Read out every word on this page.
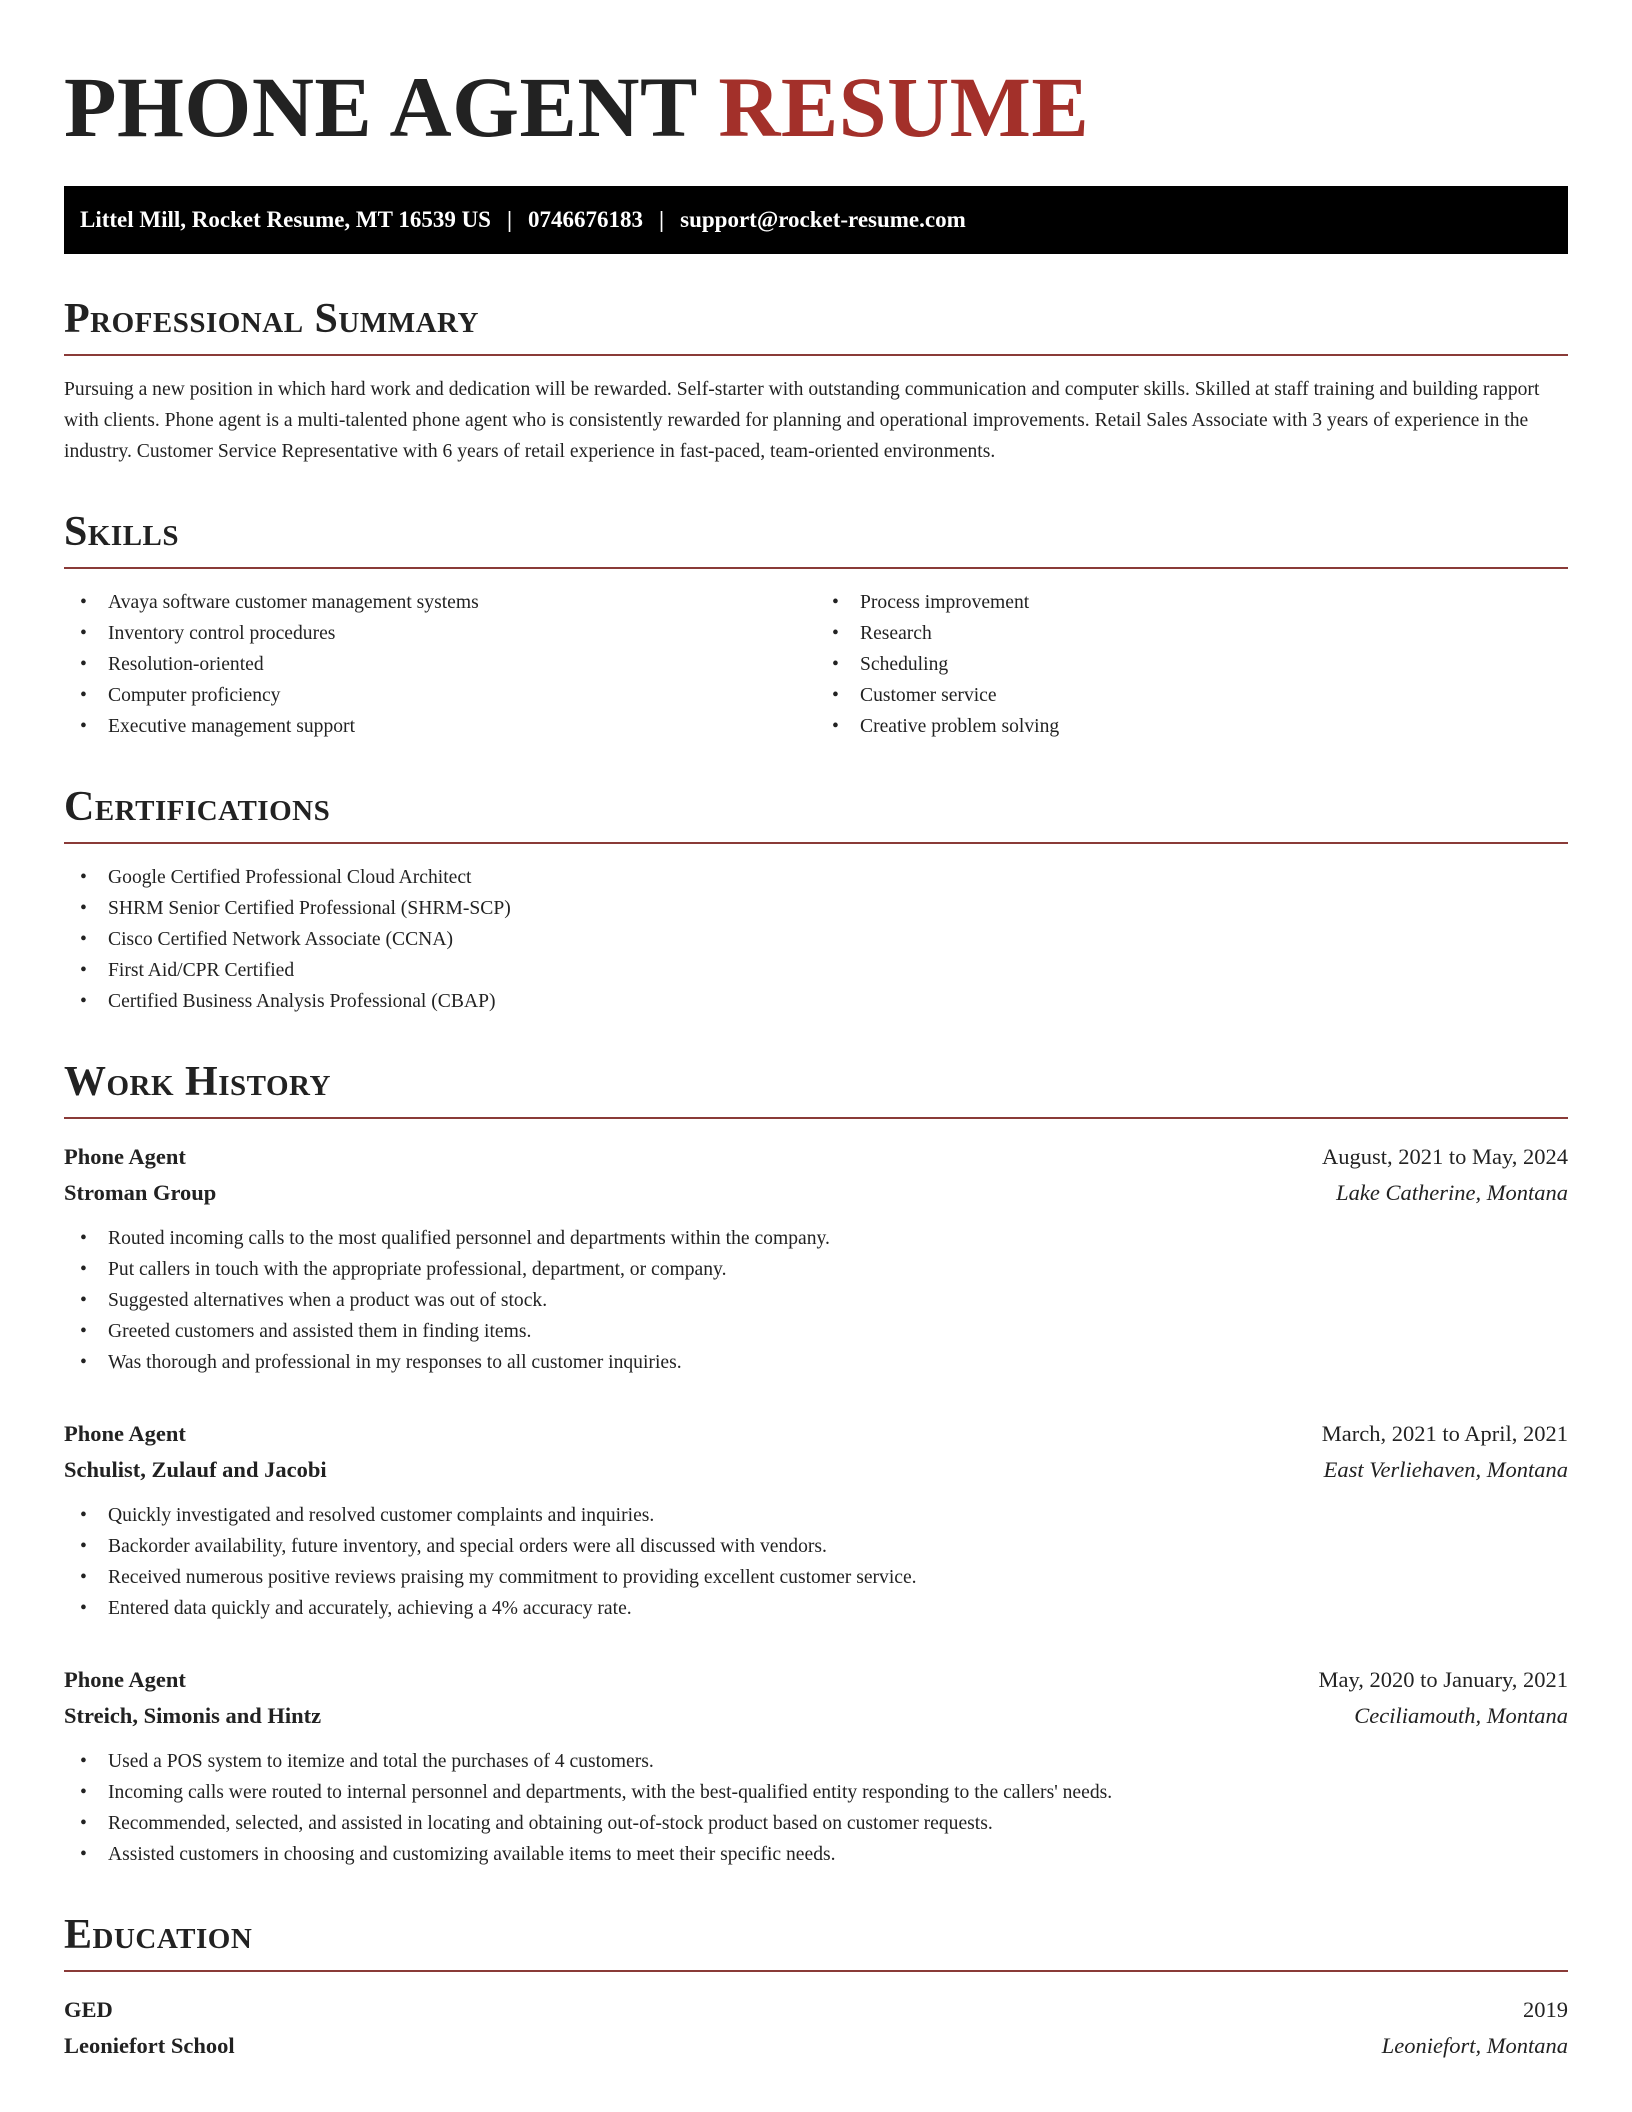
PHONE AGENT RESUME
Littel Mill, Rocket Resume, MT 16539 US | 0746676183 | support@rocket-resume.com
Professional Summary

Pursuing a new position in which hard work and dedication will be rewarded. Self-starter with outstanding communication and computer skills. Skilled at staff training and building rapport with clients. Phone agent is a multi-talented phone agent who is consistently rewarded for planning and operational improvements. Retail Sales Associate with 3 years of experience in the industry. Customer Service Representative with 6 years of retail experience in fast-paced, team-oriented environments.

Skills
• Avaya software customer management systems
• Inventory control procedures
• Resolution-oriented
• Computer proficiency
• Executive management support
• Process improvement
• Research
• Scheduling
• Customer service
• Creative problem solving
Certifications
• Google Certified Professional Cloud Architect
• SHRM Senior Certified Professional (SHRM-SCP)
• Cisco Certified Network Associate (CCNA)
• First Aid/CPR Certified
• Certified Business Analysis Professional (CBAP)
Work History
Phone Agent	August, 2021 to May, 2024
Stroman Group	Lake Catherine, Montana
• Routed incoming calls to the most qualified personnel and departments within the company.
• Put callers in touch with the appropriate professional, department, or company.
• Suggested alternatives when a product was out of stock.
• Greeted customers and assisted them in finding items.
• Was thorough and professional in my responses to all customer inquiries.
Phone Agent	March, 2021 to April, 2021
Schulist, Zulauf and Jacobi	East Verliehaven, Montana
• Quickly investigated and resolved customer complaints and inquiries.
• Backorder availability, future inventory, and special orders were all discussed with vendors.
• Received numerous positive reviews praising my commitment to providing excellent customer service.
• Entered data quickly and accurately, achieving a 4% accuracy rate.
Phone Agent	May, 2020 to January, 2021
Streich, Simonis and Hintz	Ceciliamouth, Montana
• Used a POS system to itemize and total the purchases of 4 customers.
• Incoming calls were routed to internal personnel and departments, with the best-qualified entity responding to the callers' needs.
• Recommended, selected, and assisted in locating and obtaining out-of-stock product based on customer requests.
• Assisted customers in choosing and customizing available items to meet their specific needs.
Education
GED	2019
Leoniefort School	Leoniefort, Montana
